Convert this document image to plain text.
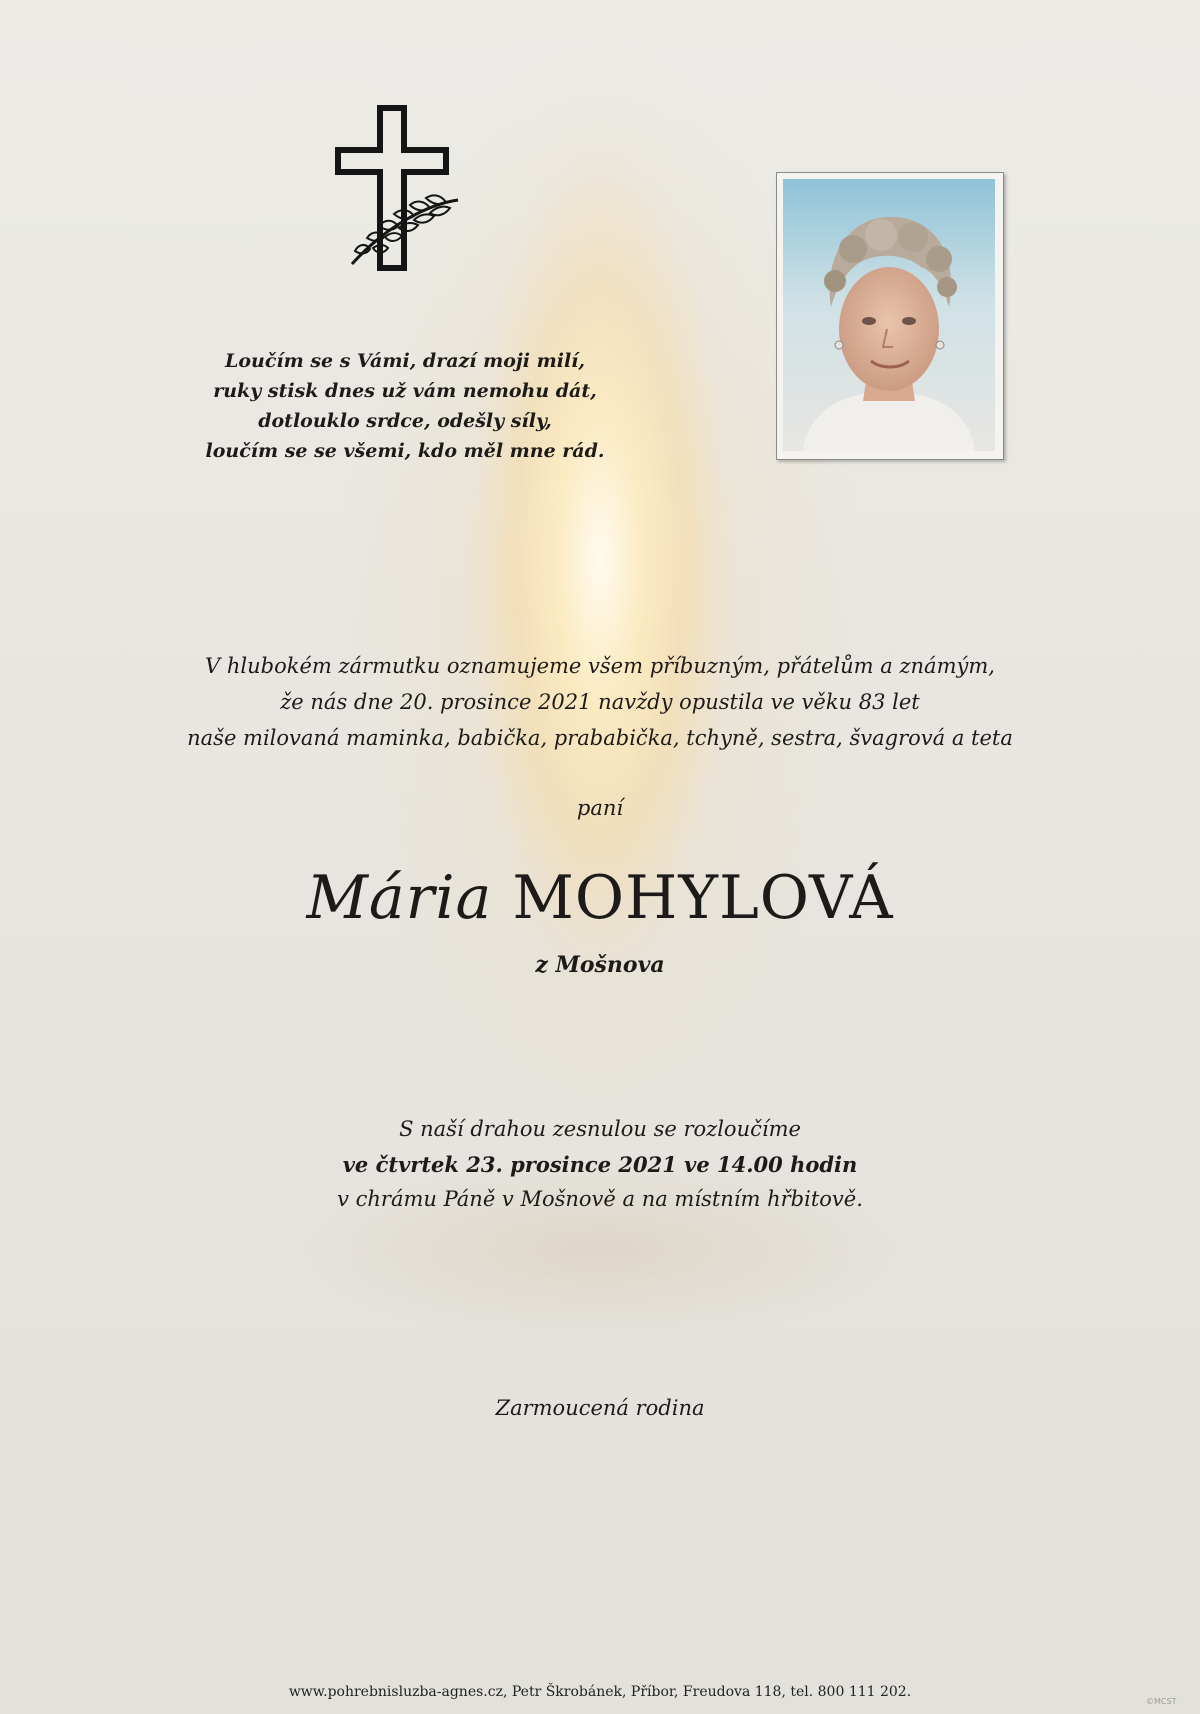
Loučím se s Vámi, drazí moji milí,
ruky stisk dnes už vám nemohu dát,
dotlouklo srdce, odešly síly,
loučím se se všemi, kdo měl mne rád.
V hlubokém zármutku oznamujeme všem příbuzným, přátelům a známým,
že nás dne 20. prosince 2021 navždy opustila ve věku 83 let
naše milovaná maminka, babička, prababička, tchyně, sestra, švagrová a teta
paní
Mária MOHYLOVÁ
z Mošnova
S naší drahou zesnulou se rozloučíme
ve čtvrtek 23. prosince 2021 ve 14.00 hodin
v chrámu Páně v Mošnově a na místním hřbitově.
Zarmoucená rodina
www.pohrebnisluzba-agnes.cz, Petr Škrobánek, Příbor, Freudova 118, tel. 800 111 202.
©MCST
